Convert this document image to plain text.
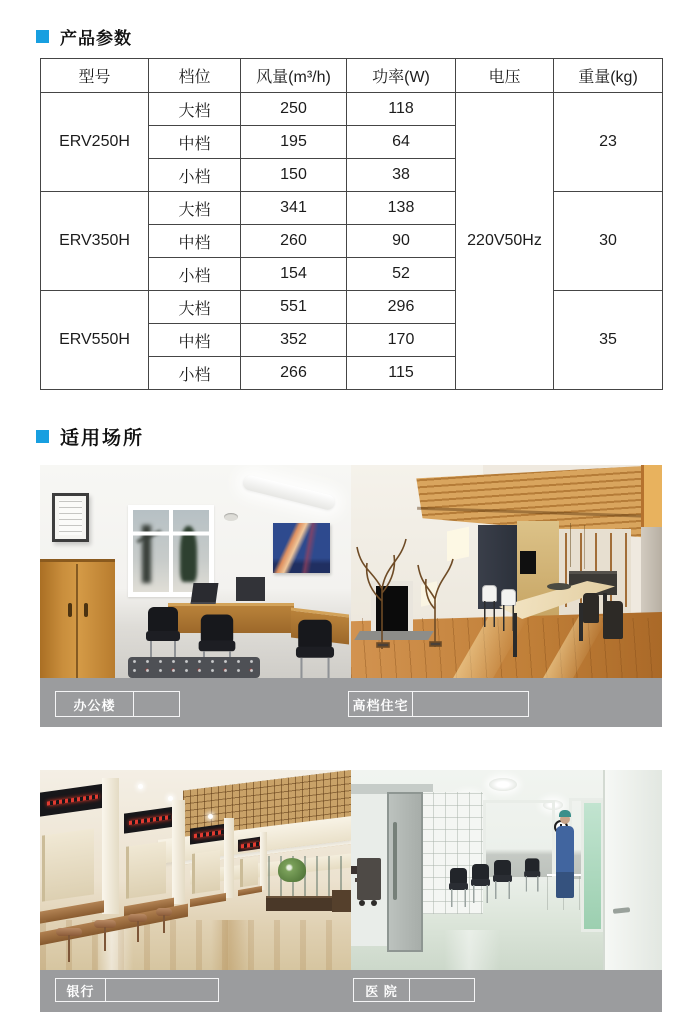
产品参数
型号	档位	风量(m³/h)	功率(W)	电压	重量(kg)
ERV250H	大档	250	118	220V50Hz	23
	中档	195	64		
	小档	150	38		
ERV350H	大档	341	138		30
	中档	260	90		
	小档	154	52		
ERV550H	大档	551	296		35
	中档	352	170		
	小档	266	115		
适用场所
办公楼	高档住宅
银行	医 院
